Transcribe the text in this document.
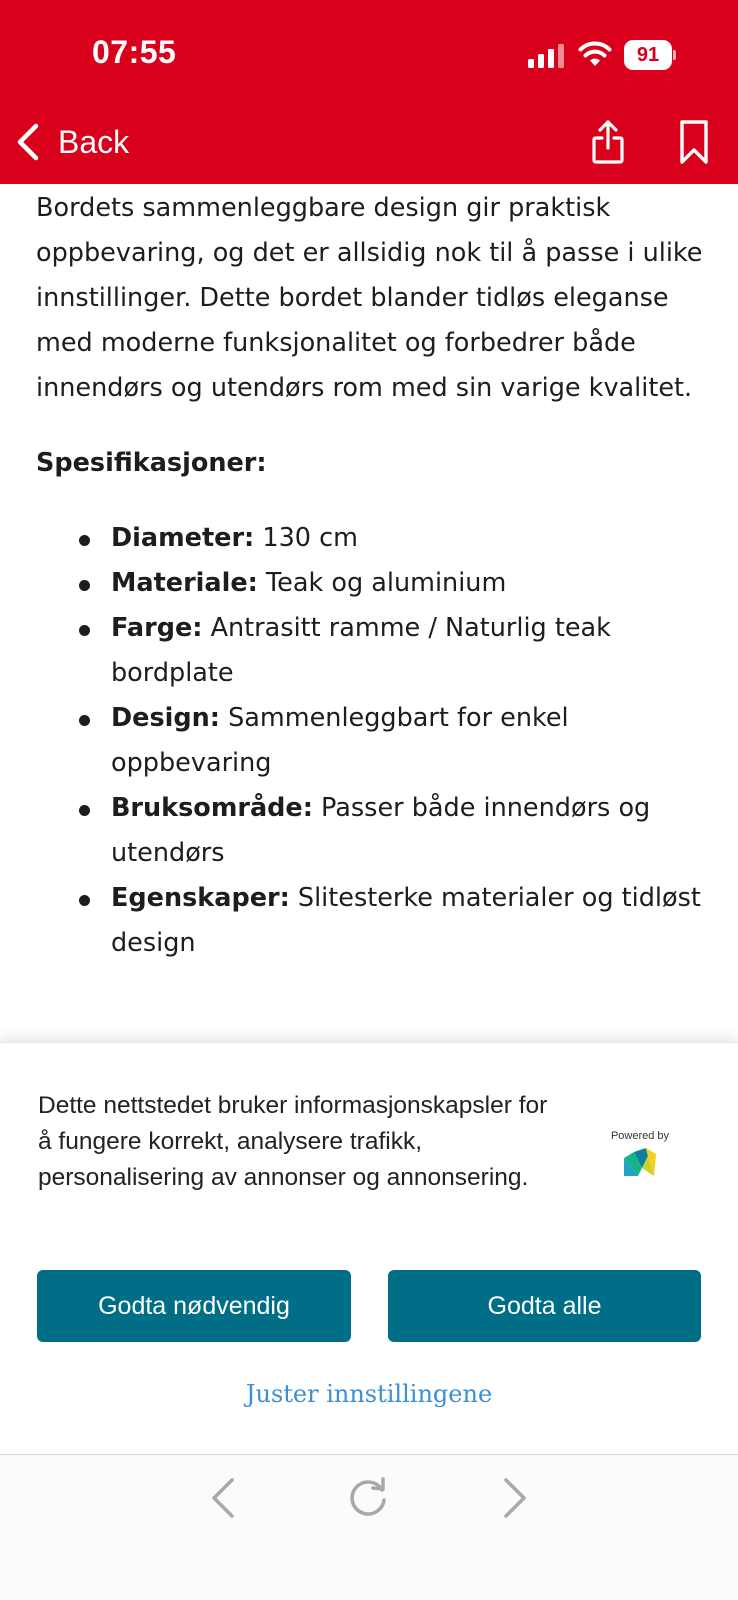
07:55	91
Back

Bordets sammenleggbare design gir praktisk oppbevaring, og det er allsidig nok til å passe i ulike innstillinger. Dette bordet blander tidløs eleganse med moderne funksjonalitet og forbedrer både innendørs og utendørs rom med sin varige kvalitet.

Spesifikasjoner:
Diameter: 130 cm
Materiale: Teak og aluminium
Farge: Antrasitt ramme / Naturlig teak bordplate
Design: Sammenleggbart for enkel oppbevaring
Bruksområde: Passer både innendørs og utendørs
Egenskaper: Slitesterke materialer og tidløst design
Dette nettstedet bruker informasjonskapsler for å fungere korrekt, analysere trafikk, personalisering av annonser og annonsering.
Powered by
Godta nødvendig	Godta alle
Juster innstillingene
